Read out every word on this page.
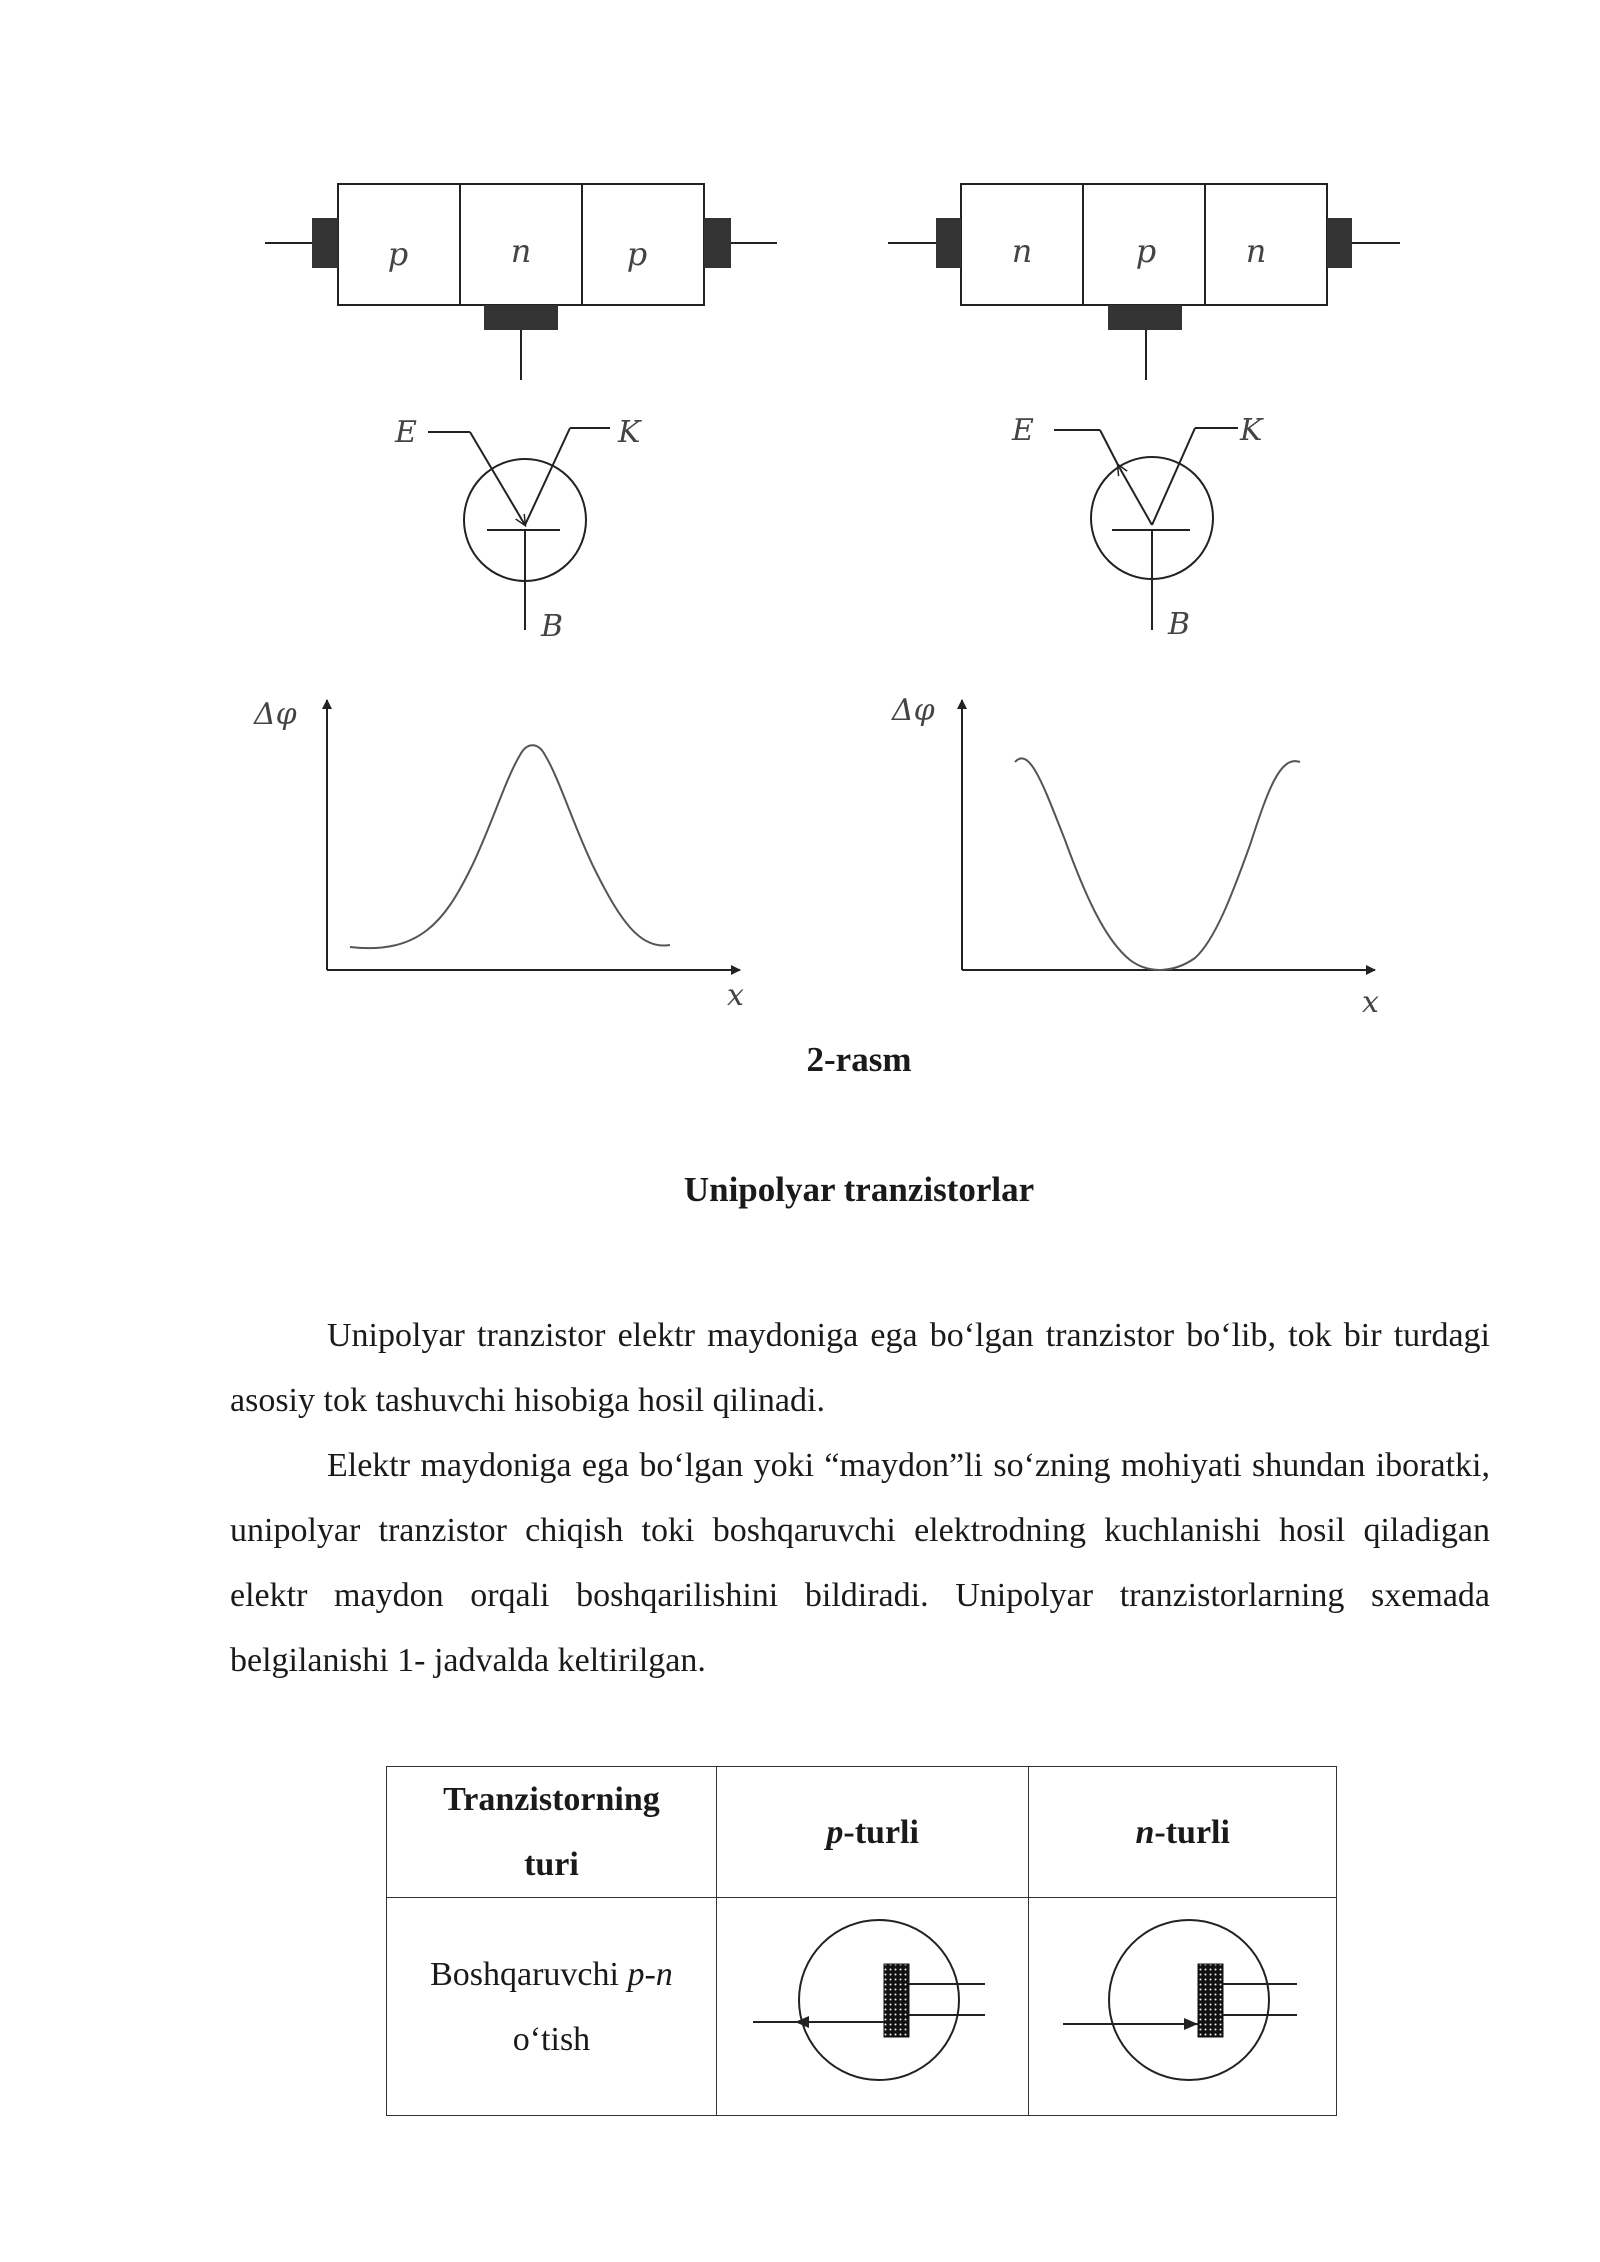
p	n	p	n	p	n
E	K
B
E	K
B
Δφ
x
Δφ
x
2-rasm
Unipolyar tranzistorlar

Unipolyar tranzistor elektr maydoniga ega bo‘lgan tranzistor bo‘lib, tok bir turdagi asosiy tok tashuvchi hisobiga hosil qilinadi.

Elektr maydoniga ega bo‘lgan yoki “maydon”li so‘zning mohiyati shundan iboratki, unipolyar tranzistor chiqish toki boshqaruvchi elektrodning kuchlanishi hosil qiladigan elektr maydon orqali boshqarilishini bildiradi. Unipolyar tranzistorlarning sxemada belgilanishi 1- jadvalda keltirilgan.

Tranzistorning
turi	p-turli	n-turli

Boshqaruvchi p-n
o‘tish
